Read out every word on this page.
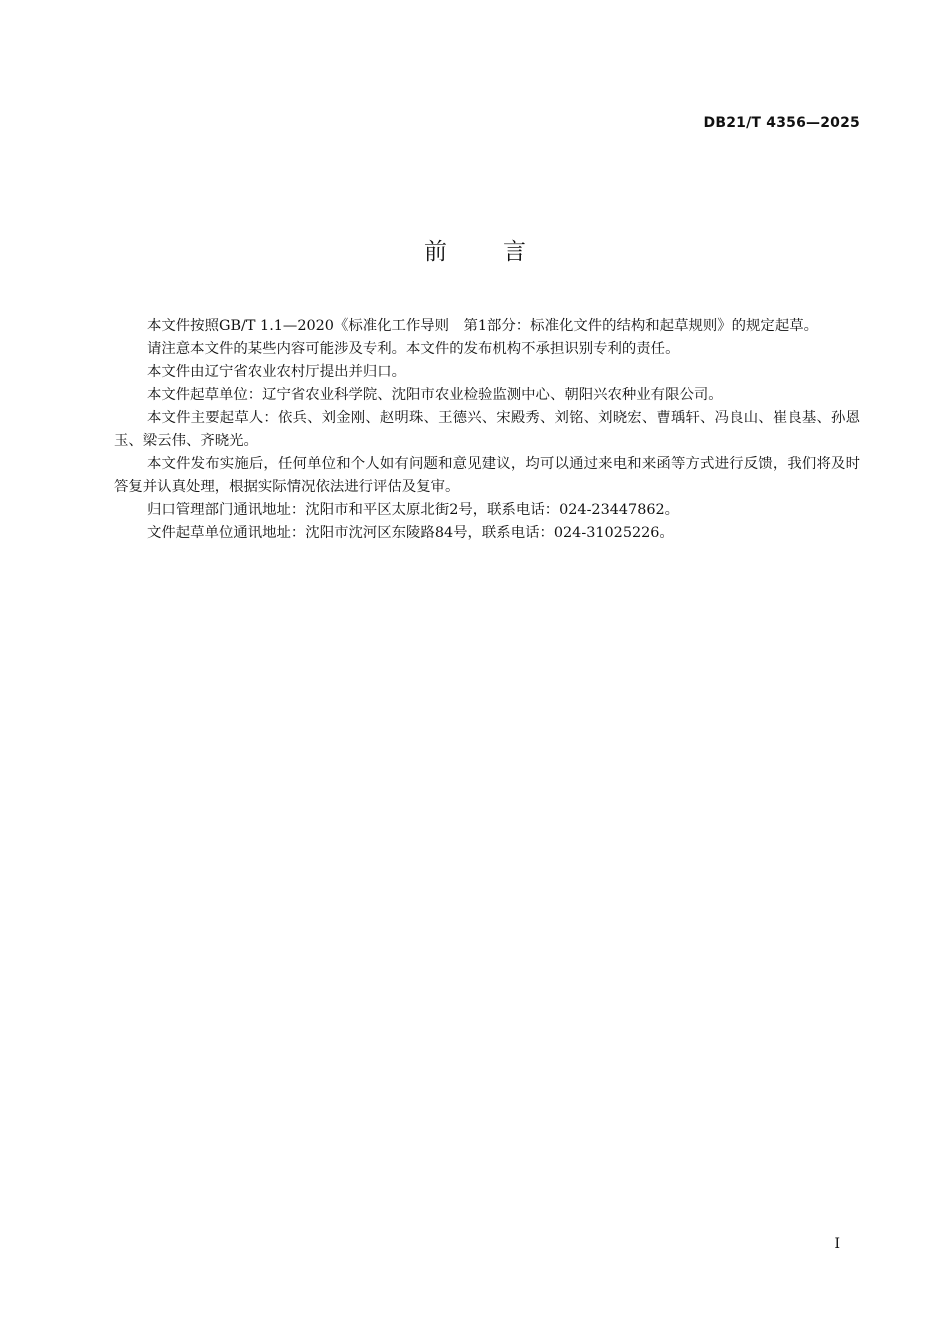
DB21/T 4356—2025
前言

本文件按照GB/T 1.1—2020《标准化工作导则　第1部分：标准化文件的结构和起草规则》的规定起草。

请注意本文件的某些内容可能涉及专利。本文件的发布机构不承担识别专利的责任。

本文件由辽宁省农业农村厅提出并归口。

本文件起草单位：辽宁省农业科学院、沈阳市农业检验监测中心、朝阳兴农种业有限公司。

本文件主要起草人：依兵、刘金刚、赵明珠、王德兴、宋殿秀、刘铭、刘晓宏、曹瑀轩、冯良山、崔良基、孙恩玉、梁云伟、齐晓光。

本文件发布实施后，任何单位和个人如有问题和意见建议，均可以通过来电和来函等方式进行反馈，我们将及时答复并认真处理，根据实际情况依法进行评估及复审。

归口管理部门通讯地址：沈阳市和平区太原北街2号，联系电话：024-23447862。

文件起草单位通讯地址：沈阳市沈河区东陵路84号，联系电话：024-31025226。

I
